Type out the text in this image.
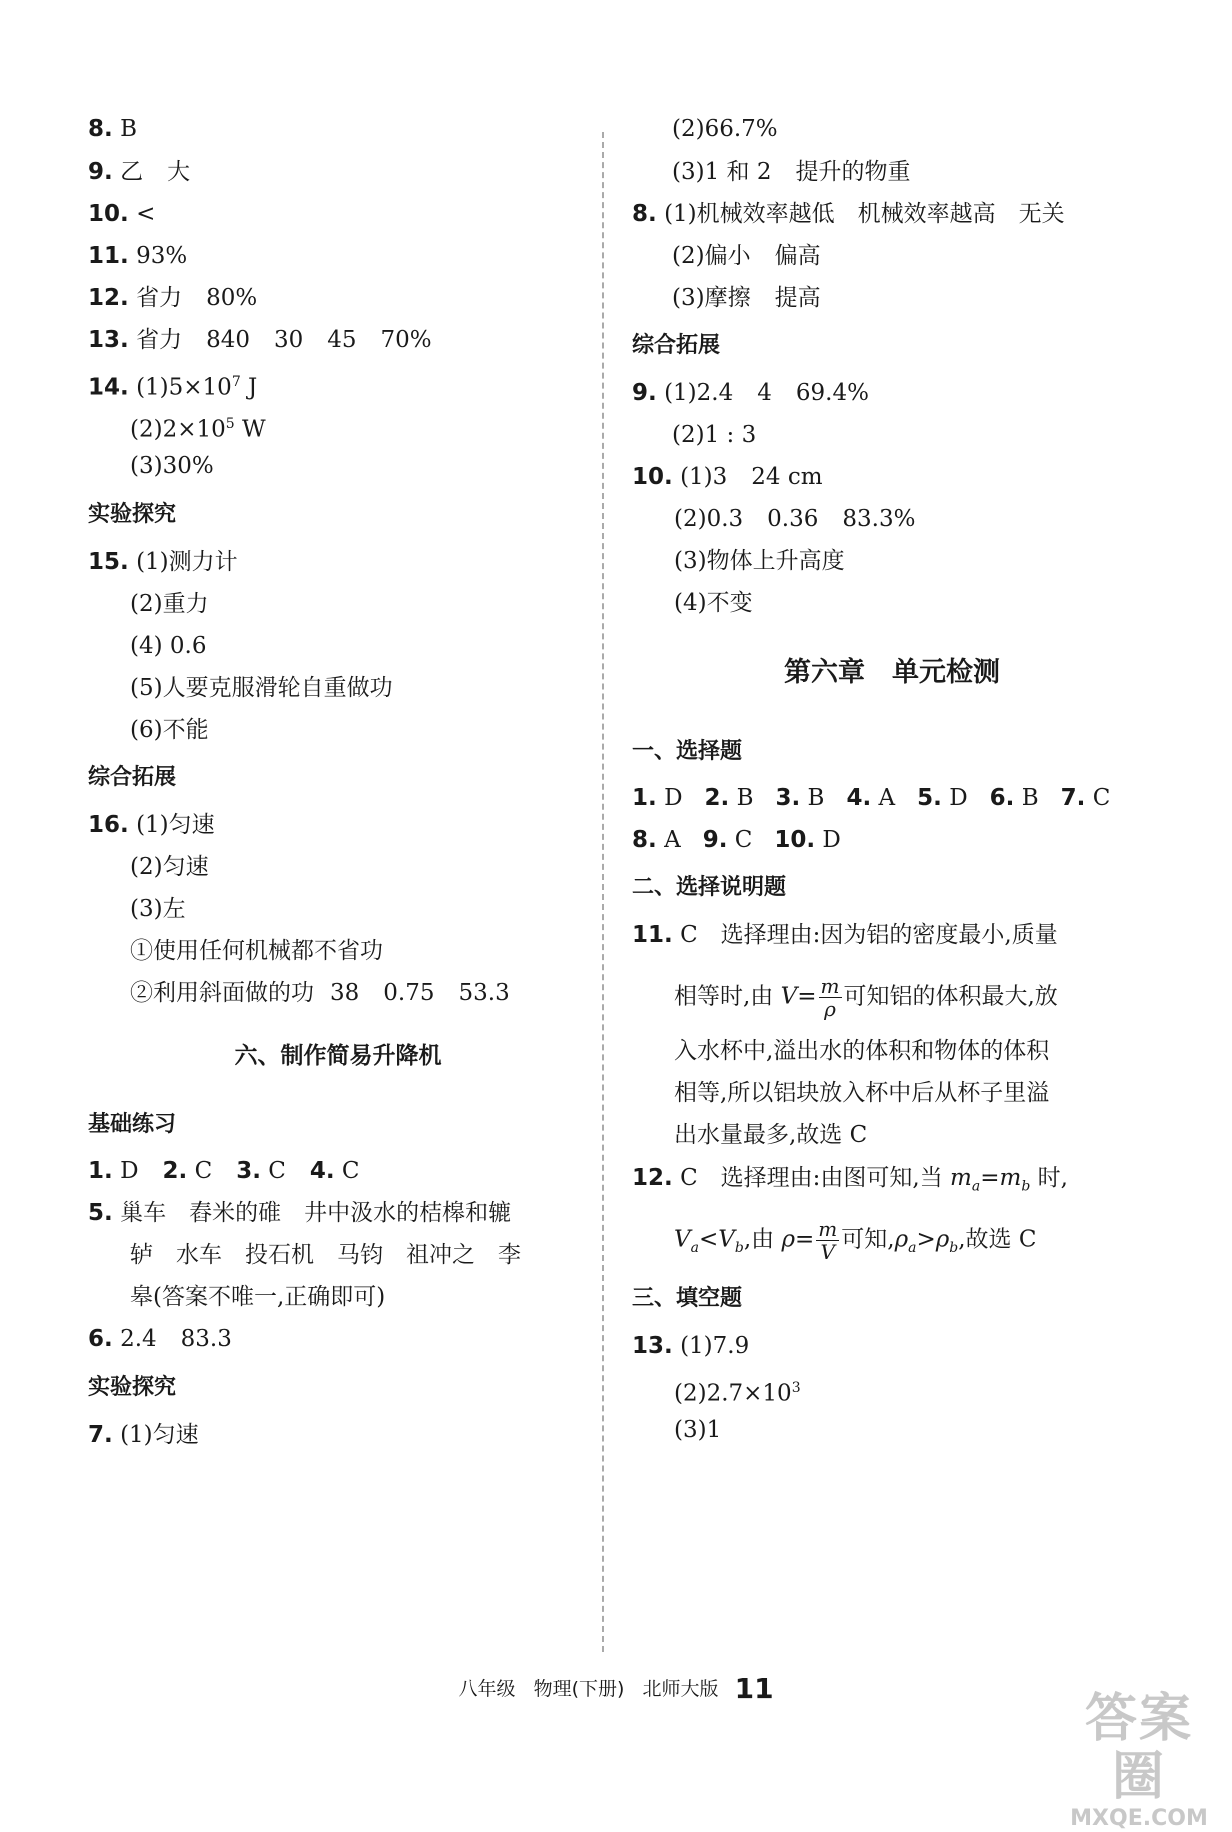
8. B
9. 乙 大
10. <
11. 93%
12. 省力 80%
13. 省力 840 30 45 70%
14. $(1)5\times 10^7$ J
$(2)2\times 10^5$ W
(3)30%
实验探究
15. (1)测力计
(2)重力
(4) 0.6
(5)人要克服滑轮自重做功
(6)不能
综合拓展
16. (1)匀速
(2)匀速
(3)左
①使用任何机械都不省功
②利用斜面做的功 38 0.75 53.3
六、制作简易升降机
基础练习
1. D 2. C 3. C 4. C
5. 巢车　舂米的碓　井中汲水的桔槔和辘
轳　水车　投石机　马钧　祖冲之　李
皋(答案不唯一,正确即可)
6. 2.4 83.3
实验探究
7. (1)匀速
(2)66.7%
(3)1 和 2 提升的物重
8. (1)机械效率越低　机械效率越高　无关
(2)偏小 偏高
(3)摩擦 提高
综合拓展
9. (1)2.4 4 69.4%
(2)1 : 3
10. (1)3 24 cm
(2)0.3 0.36 83.3%
(3)物体上升高度
(4)不变
第六章　单元检测
一、选择题
1. D 2. B 3. B 4. A 5. D 6. B 7. C
8. A 9. C 10. D
二、选择说明题
11. C　选择理由:因为铝的密度最小,质量
相等时,由 $V= \frac{m}{\rho}$ 可知铝的体积最大,放
入水杯中,溢出水的体积和物体的体积
相等,所以铝块放入杯中后从杯子里溢
出水量最多,故选 C
12. C　选择理由:由图可知,当 $m_a=m_b$ 时,
$V_a<V_b$,由 $\rho= \frac{m}{V}$ 可知$,\rho_a>\rho_b$,故选 C
三、填空题
13. (1)7.9
$(2)2.7\times 10^3$
(3)1
八年级 物理(下册) 北师大版 11
答案圈
MXQE.COM
